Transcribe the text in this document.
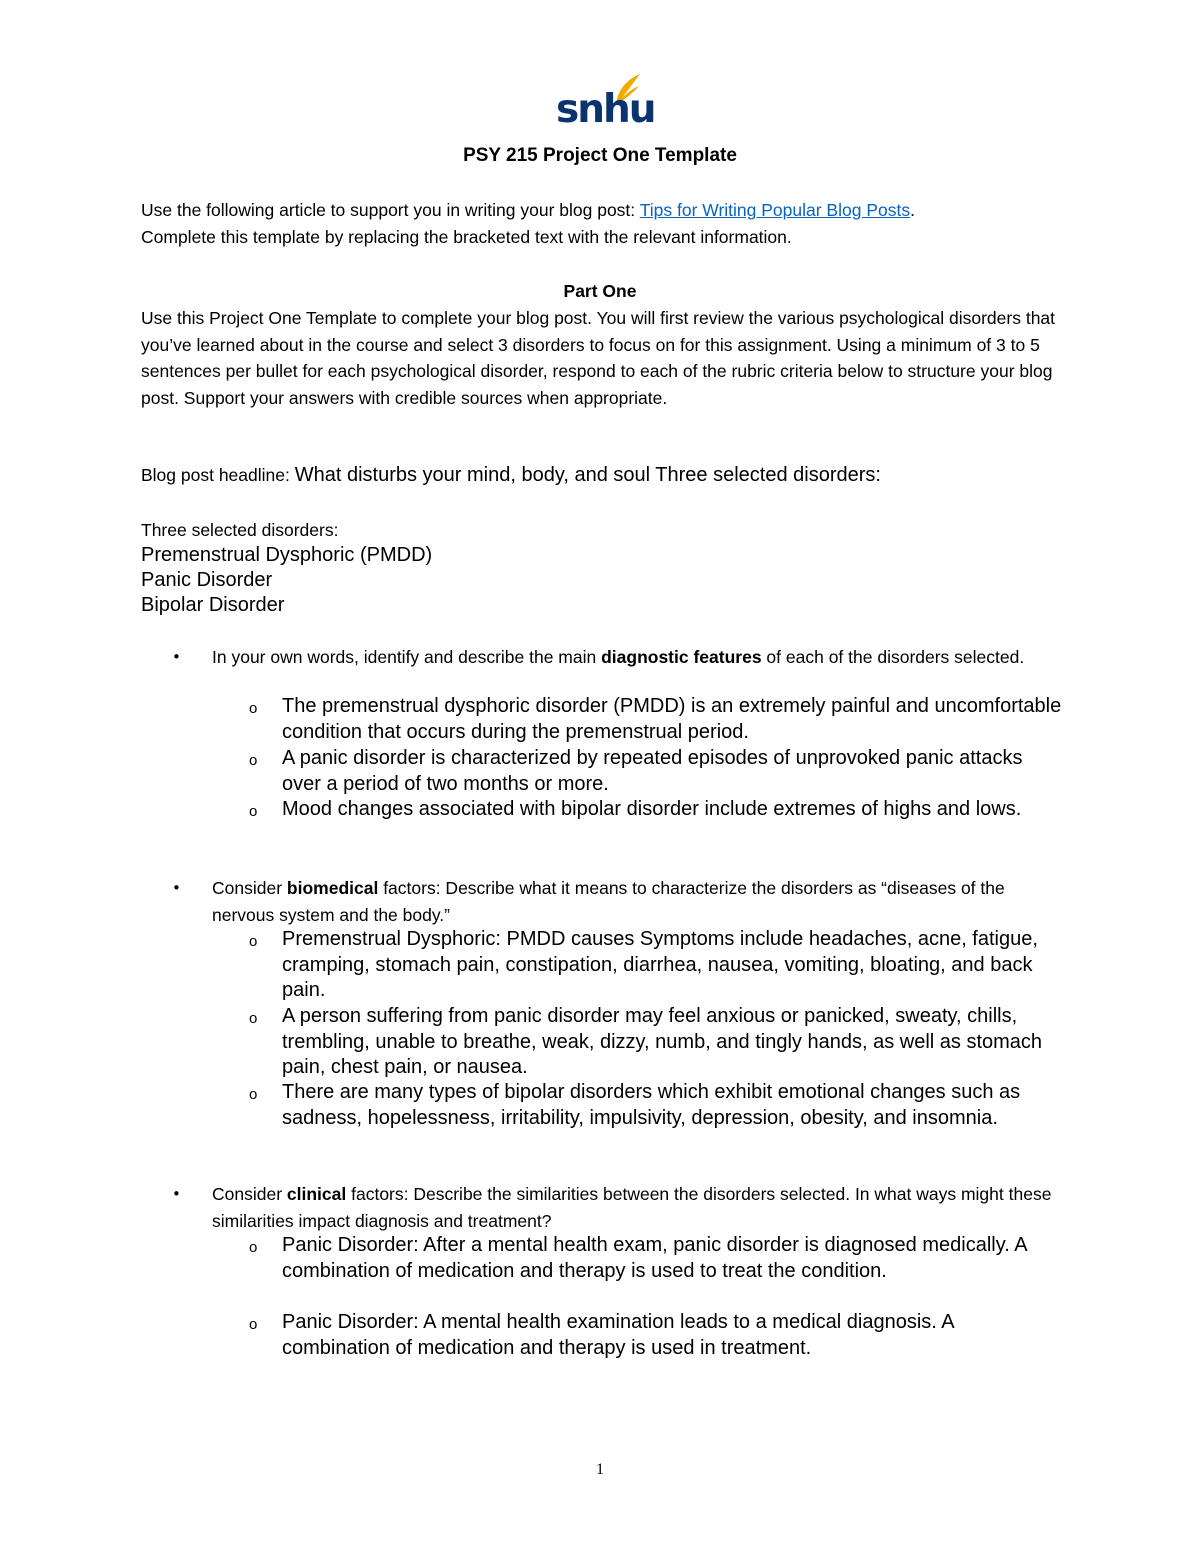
snhu
PSY 215 Project One Template
Use the following article to support you in writing your blog post: Tips for Writing Popular Blog Posts.
Complete this template by replacing the bracketed text with the relevant information.
Part One
Use this Project One Template to complete your blog post. You will first review the various psychological disorders that you’ve learned about in the course and select 3 disorders to focus on for this assignment. Using a minimum of 3 to 5 sentences per bullet for each psychological disorder, respond to each of the rubric criteria below to structure your blog post. Support your answers with credible sources when appropriate.
Blog post headline: What disturbs your mind, body, and soul Three selected disorders:
Three selected disorders:
Premenstrual Dysphoric (PMDD)
Panic Disorder
Bipolar Disorder
• In your own words, identify and describe the main diagnostic features of each of the disorders selected.
o The premenstrual dysphoric disorder (PMDD) is an extremely painful and uncomfortable condition that occurs during the premenstrual period.
o A panic disorder is characterized by repeated episodes of unprovoked panic attacks over a period of two months or more.
o Mood changes associated with bipolar disorder include extremes of highs and lows.
• Consider biomedical factors: Describe what it means to characterize the disorders as “diseases of the nervous system and the body.”
o Premenstrual Dysphoric: PMDD causes Symptoms include headaches, acne, fatigue, cramping, stomach pain, constipation, diarrhea, nausea, vomiting, bloating, and back pain.
o A person suffering from panic disorder may feel anxious or panicked, sweaty, chills, trembling, unable to breathe, weak, dizzy, numb, and tingly hands, as well as stomach pain, chest pain, or nausea.
o There are many types of bipolar disorders which exhibit emotional changes such as sadness, hopelessness, irritability, impulsivity, depression, obesity, and insomnia.
• Consider clinical factors: Describe the similarities between the disorders selected. In what ways might these similarities impact diagnosis and treatment?
o Panic Disorder: After a mental health exam, panic disorder is diagnosed medically. A combination of medication and therapy is used to treat the condition.
o Panic Disorder: A mental health examination leads to a medical diagnosis. A combination of medication and therapy is used in treatment.
1
